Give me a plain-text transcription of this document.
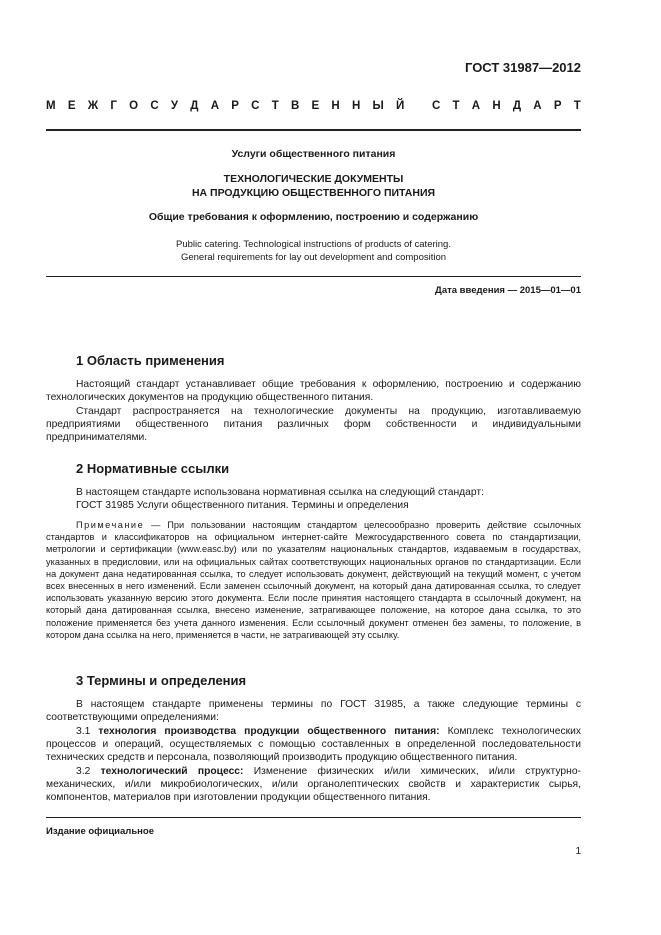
ГОСТ 31987—2012
М Е Ж Г О С У Д А Р С Т В Е Н Н Ы Й
С Т А Н Д А Р Т
Услуги общественного питания
ТЕХНОЛОГИЧЕСКИЕ ДОКУМЕНТЫ
НА ПРОДУКЦИЮ ОБЩЕСТВЕННОГО ПИТАНИЯ
Общие требования к оформлению, построению и содержанию
Public catering. Technological instructions of products of catering.
General requirements for lay out development and composition
Дата введения — 2015—01—01
1 Область применения
Настоящий стандарт устанавливает общие требования к оформлению, построению и содержанию технологических документов на продукцию общественного питания.
Стандарт распространяется на технологические документы на продукцию, изготавливаемую предприятиями общественного питания различных форм собственности и индивидуальными предпринимателями.
2 Нормативные ссылки
В настоящем стандарте использована нормативная ссылка на следующий стандарт:
ГОСТ 31985 Услуги общественного питания. Термины и определения
Примечание — При пользовании настоящим стандартом целесообразно проверить действие ссылочных стандартов и классификаторов на официальном интернет-сайте Межгосударственного совета по стандартизации, метрологии и сертификации (www.easc.by) или по указателям национальных стандартов, издаваемым в государствах, указанных в предисловии, или на официальных сайтах соответствующих национальных органов по стандартизации. Если на документ дана недатированная ссылка, то следует использовать документ, действующий на текущий момент, с учетом всех внесенных в него изменений. Если заменен ссылочный документ, на который дана датированная ссылка, то следует использовать указанную версию этого документа. Если после принятия настоящего стандарта в ссылочный документ, на который дана датированная ссылка, внесено изменение, затрагивающее положение, на которое дана ссылка, то это положение применяется без учета данного изменения. Если ссылочный документ отменен без замены, то положение, в котором дана ссылка на него, применяется в части, не затрагивающей эту ссылку.
3 Термины и определения
В настоящем стандарте применены термины по ГОСТ 31985, а также следующие термины с соответствующими определениями:
3.1 технология производства продукции общественного питания: Комплекс технологических процессов и операций, осуществляемых с помощью составленных в определенной последовательности технических средств и персонала, позволяющий производить продукцию общественного питания.
3.2 технологический процесс: Изменение физических и/или химических, и/или структурно-механических, и/или микробиологических, и/или органолептических свойств и характеристик сырья, компонентов, материалов при изготовлении продукции общественного питания.
Издание официальное
1
